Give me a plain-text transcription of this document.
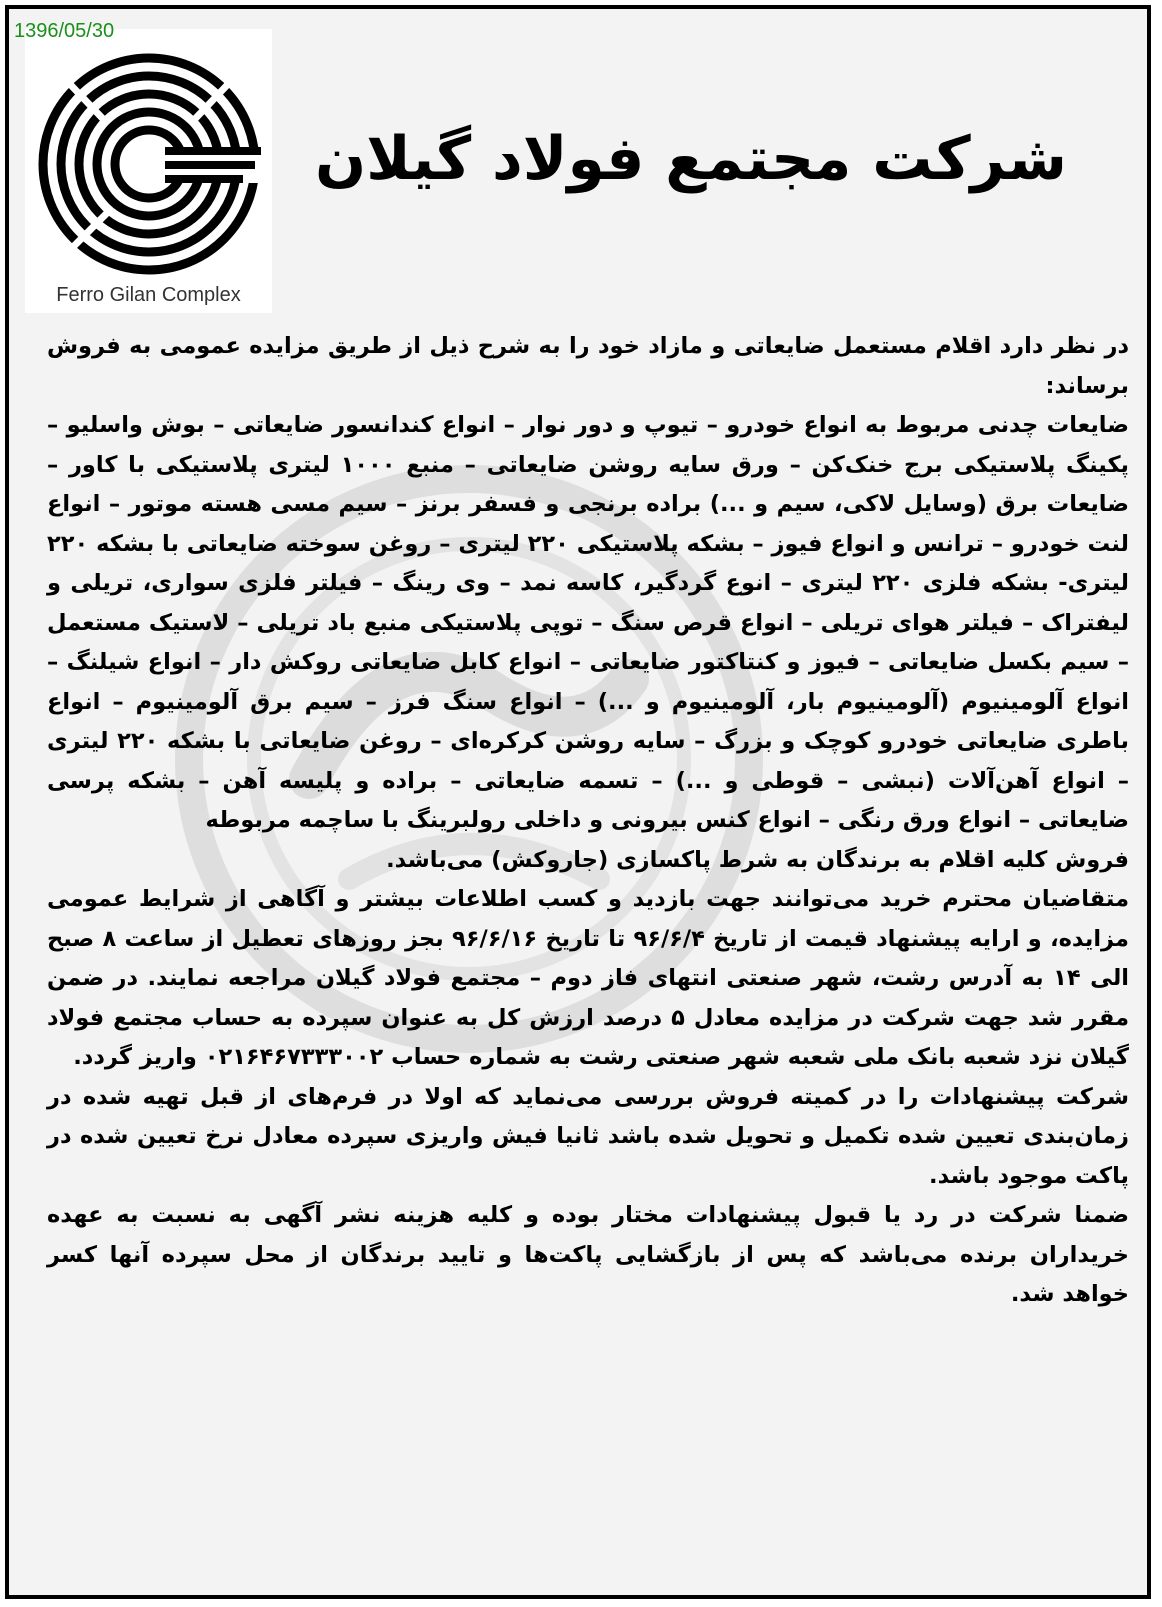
Ferro Gilan Complex
شرکت مجتمع فولاد گیلان

در نظر دارد اقلام مستعمل ضایعاتی و مازاد خود را به شرح ذیل از طریق مزایده عمومی به فروش برساند:

ضایعات چدنی مربوط به انواع خودرو – تیوپ و دور نوار – انواع کندانسور ضایعاتی – بوش واسلیو – پکینگ پلاستیکی برج خنک‌کن – ورق سایه روشن ضایعاتی – منبع ۱۰۰۰ لیتری پلاستیکی با کاور – ضایعات برق (وسایل لاکی، سیم و ...) براده برنجی و فسفر برنز – سیم مسی هسته موتور – انواع لنت خودرو – ترانس و انواع فیوز – بشکه پلاستیکی ۲۲۰ لیتری – روغن سوخته ضایعاتی با بشکه ۲۲۰ لیتری- بشکه فلزی ۲۲۰ لیتری – انوع گردگیر، کاسه نمد – وی رینگ – فیلتر فلزی سواری، تریلی و لیفتراک – فیلتر هوای تریلی – انواع قرص سنگ – توپی پلاستیکی منبع باد تریلی – لاستیک مستعمل – سیم بکسل ضایعاتی – فیوز و کنتاکتور ضایعاتی – انواع کابل ضایعاتی روکش دار – انواع شیلنگ – انواع آلومینیوم (آلومینیوم بار، آلومینیوم و ...) – انواع سنگ فرز – سیم برق آلومینیوم – انواع باطری ضایعاتی خودرو کوچک و بزرگ – سایه روشن کرکره‌ای – روغن ضایعاتی با بشکه ۲۲۰ لیتری – انواع آهن‌آلات (نبشی – قوطی و ...) – تسمه ضایعاتی – براده و پلیسه آهن – بشکه پرسی ضایعاتی – انواع ورق رنگی – انواع کنس بیرونی و داخلی رولبرینگ با ساچمه مربوطه

فروش کلیه اقلام به برندگان به شرط پاکسازی (جاروکش) می‌باشد.

متقاضیان محترم خرید می‌توانند جهت بازدید و کسب اطلاعات بیشتر و آگاهی از شرایط عمومی مزایده، و ارایه پیشنهاد قیمت از تاریخ ۹۶/۶/۴ تا تاریخ ۹۶/۶/۱۶ بجز روزهای تعطیل از ساعت ۸ صبح الی ۱۴ به آدرس رشت، شهر صنعتی انتهای فاز دوم – مجتمع فولاد گیلان مراجعه نمایند. در ضمن مقرر شد جهت شرکت در مزایده معادل ۵ درصد ارزش کل به عنوان سپرده به حساب مجتمع فولاد گیلان نزد شعبه بانک ملی شعبه شهر صنعتی رشت به شماره حساب ۰۲۱۶۴۶۷۳۳۳۰۰۲ واریز گردد.

شرکت پیشنهادات را در کمیته فروش بررسی می‌نماید که اولا در فرم‌های از قبل تهیه شده در زمان‌بندی تعیین شده تکمیل و تحویل شده باشد ثانیا فیش واریزی سپرده معادل نرخ تعیین شده در پاکت موجود باشد.

ضمنا شرکت در رد یا قبول پیشنهادات مختار بوده و کلیه هزینه نشر آگهی به نسبت به عهده خریداران برنده می‌باشد که پس از بازگشایی پاکت‌ها و تایید برندگان از محل سپرده آنها کسر خواهد شد.

1396/05/30
